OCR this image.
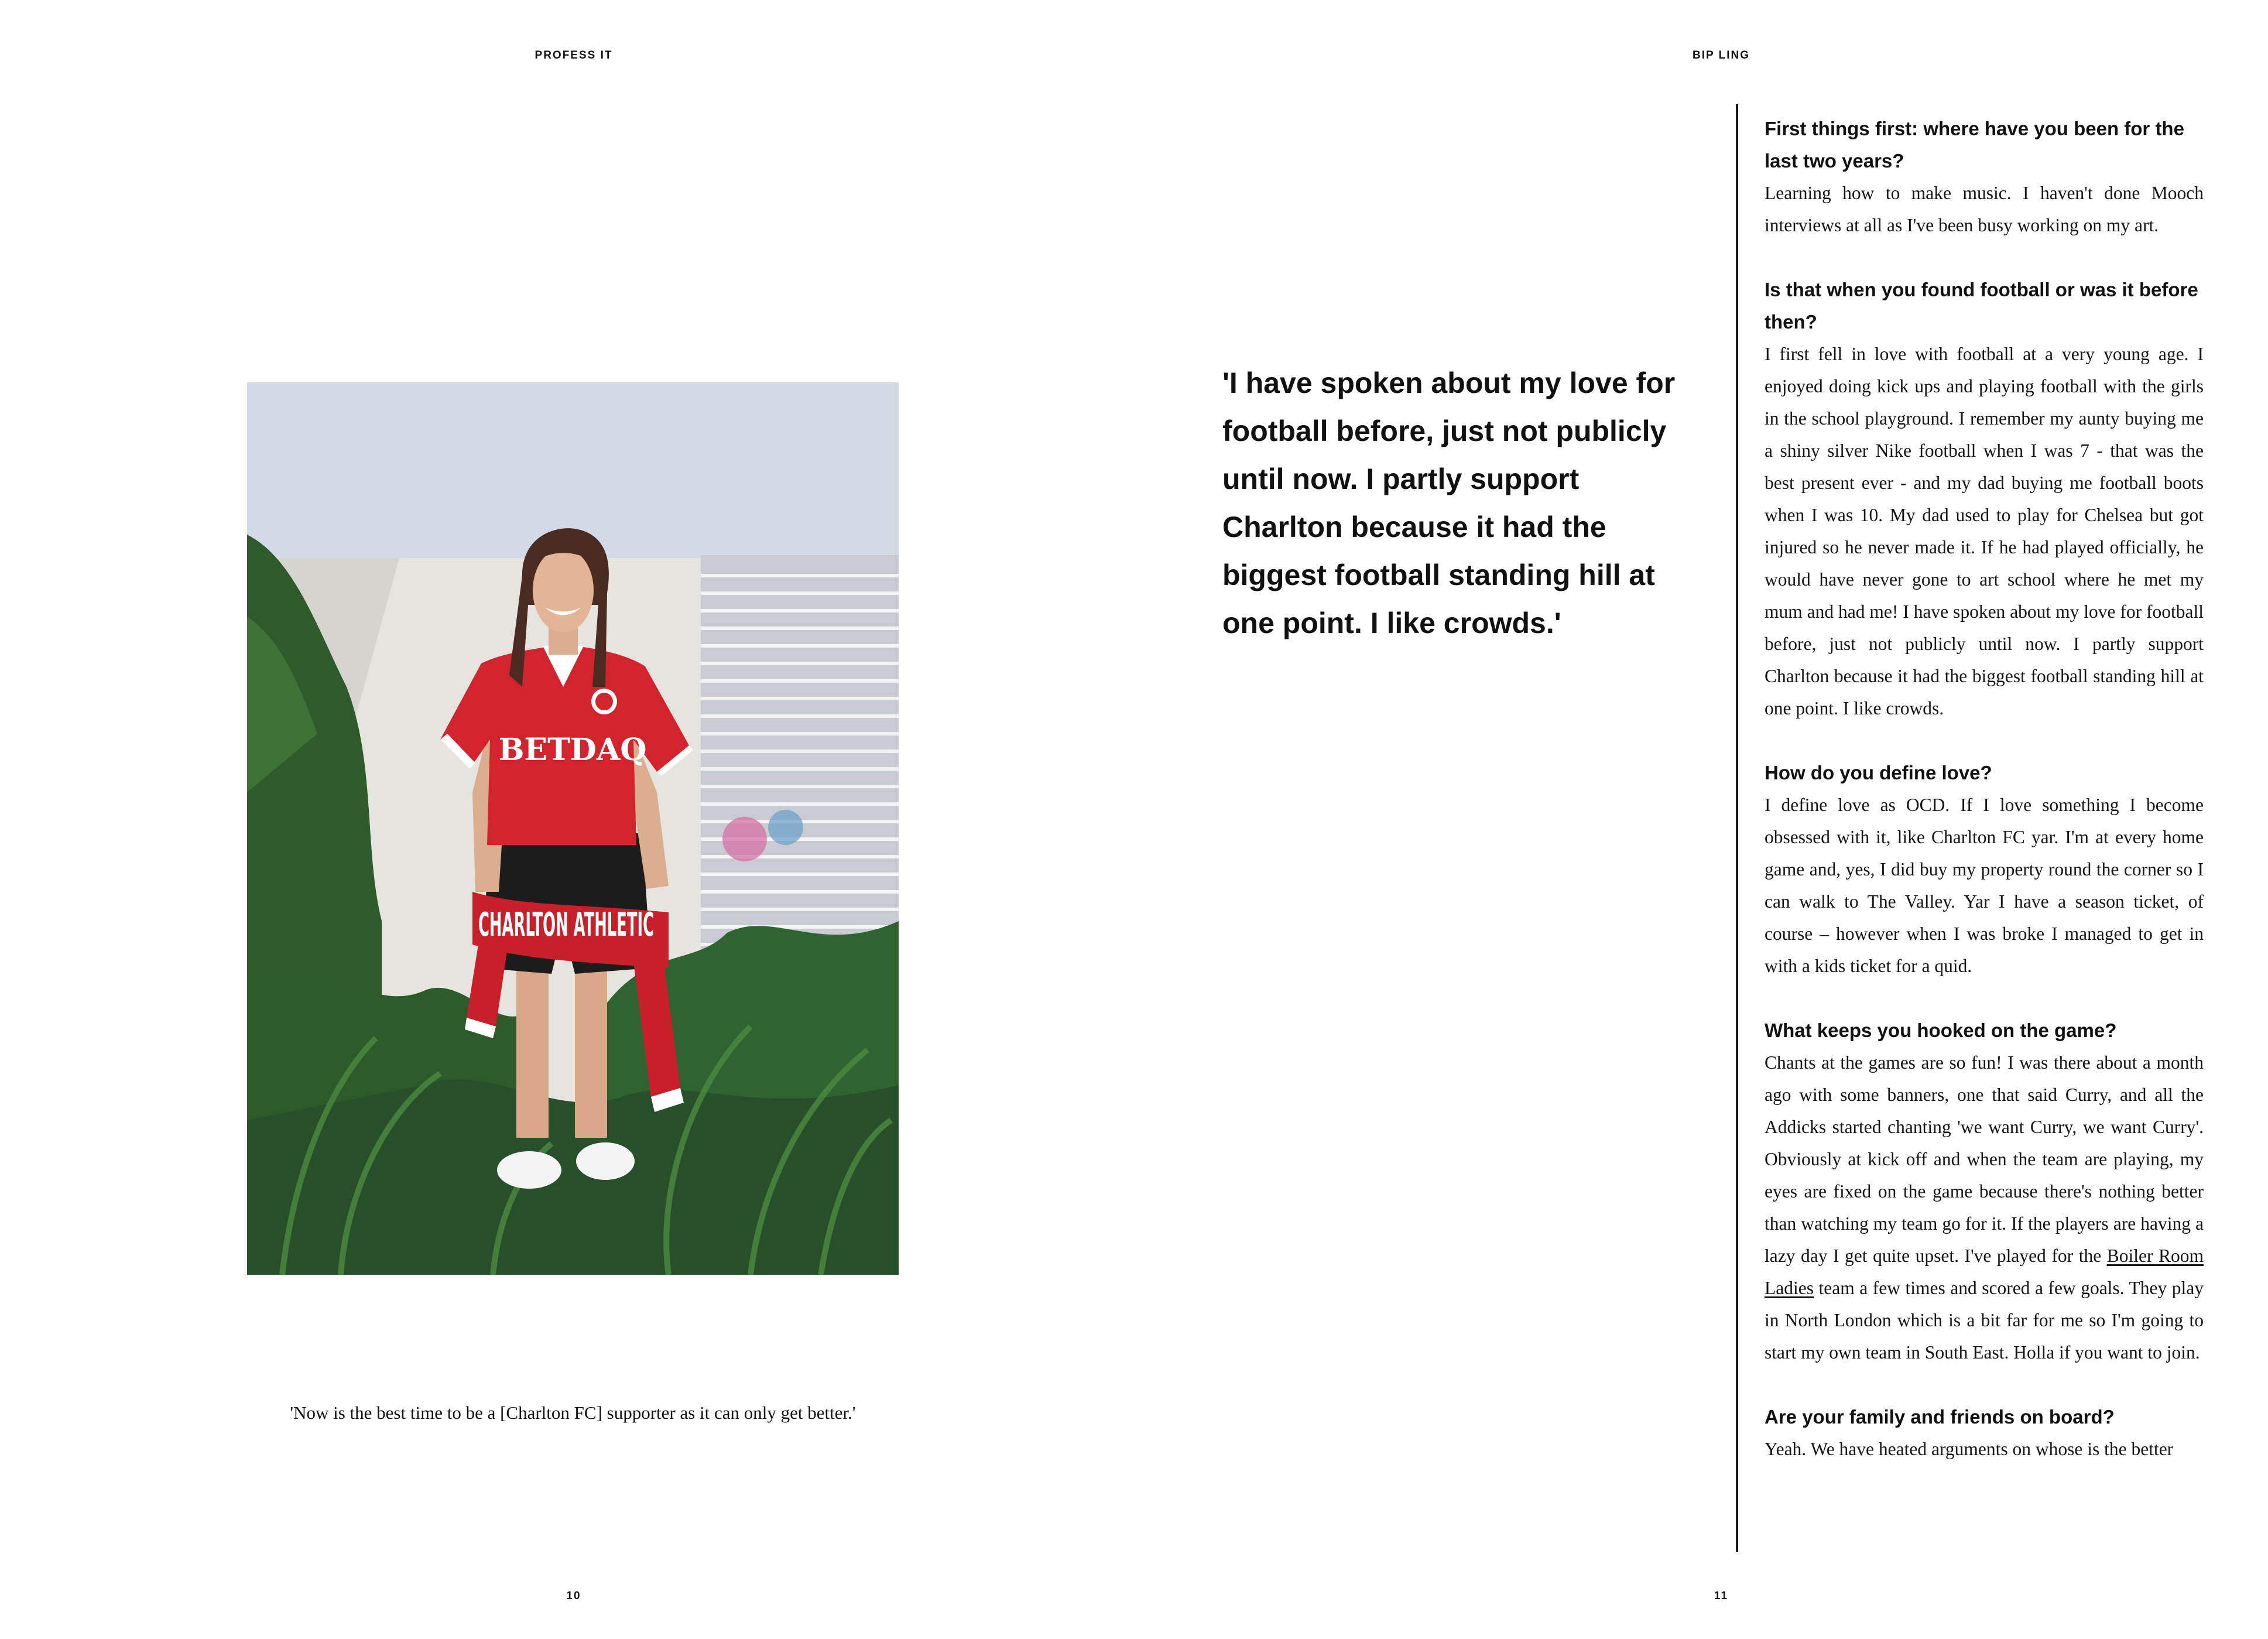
PROFESS IT	BIP LING
BETDAQ
CHARLTON ATHLETIC
'Now is the best time to be a [Charlton FC] supporter as it can only get better.'
'I have spoken about my love for football before, just not publicly until now. I partly support Charlton because it had the biggest football standing hill at one point. I like crowds.'

First things first: where have you been for the last two years?

Learning how to make music. I haven't done Mooch interviews at all as I've been busy working on my art.

Is that when you found football or was it before then?

I first fell in love with football at a very young age. I enjoyed doing kick ups and playing football with the girls in the school playground. I remember my aunty buying me a shiny silver Nike football when I was 7 - that was the best present ever - and my dad buying me football boots when I was 10. My dad used to play for Chelsea but got injured so he never made it. If he had played officially, he would have never gone to art school where he met my mum and had me! I have spoken about my love for football before, just not publicly until now. I partly support Charlton because it had the biggest football standing hill at one point. I like crowds.

How do you define love?

I define love as OCD. If I love something I become obsessed with it, like Charlton FC yar. I'm at every home game and, yes, I did buy my property round the corner so I can walk to The Valley. Yar I have a season ticket, of course – however when I was broke I managed to get in with a kids ticket for a quid.

What keeps you hooked on the game?

Chants at the games are so fun! I was there about a month ago with some banners, one that said Curry, and all the Addicks started chanting 'we want Curry, we want Curry'. Obviously at kick off and when the team are playing, my eyes are fixed on the game because there's nothing better than watching my team go for it. If the players are having a lazy day I get quite upset. I've played for the Boiler Room Ladies team a few times and scored a few goals. They play in North London which is a bit far for me so I'm going to start my own team in South East. Holla if you want to join.

Are your family and friends on board?

Yeah. We have heated arguments on whose is the better

10	11
